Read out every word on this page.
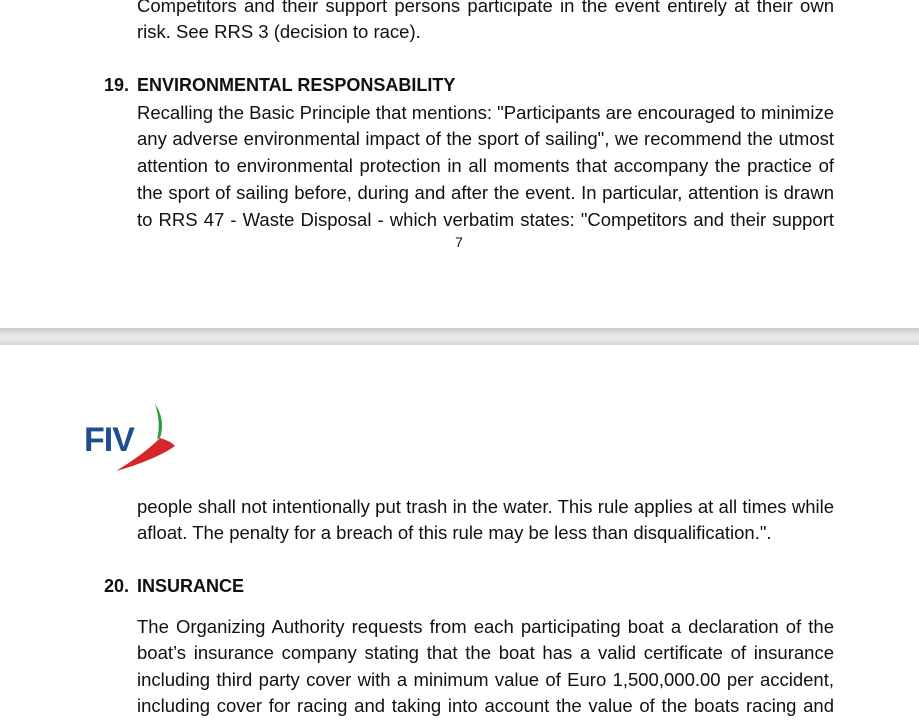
Competitors and their support persons participate in the event entirely at their own
risk. See RRS 3 (decision to race).
19. ENVIRONMENTAL RESPONSABILITY
Recalling the Basic Principle that mentions: "Participants are encouraged to minimize
any adverse environmental impact of the sport of sailing", we recommend the utmost
attention to environmental protection in all moments that accompany the practice of
the sport of sailing before, during and after the event. In particular, attention is drawn
to RRS 47 - Waste Disposal - which verbatim states: "Competitors and their support
7
FIV
people shall not intentionally put trash in the water. This rule applies at all times while
afloat. The penalty for a breach of this rule may be less than disqualification.".
20. INSURANCE
The Organizing Authority requests from each participating boat a declaration of the
boat’s insurance company stating that the boat has a valid certificate of insurance
including third party cover with a minimum value of Euro 1,500,000.00 per accident,
including cover for racing and taking into account the value of the boats racing and
